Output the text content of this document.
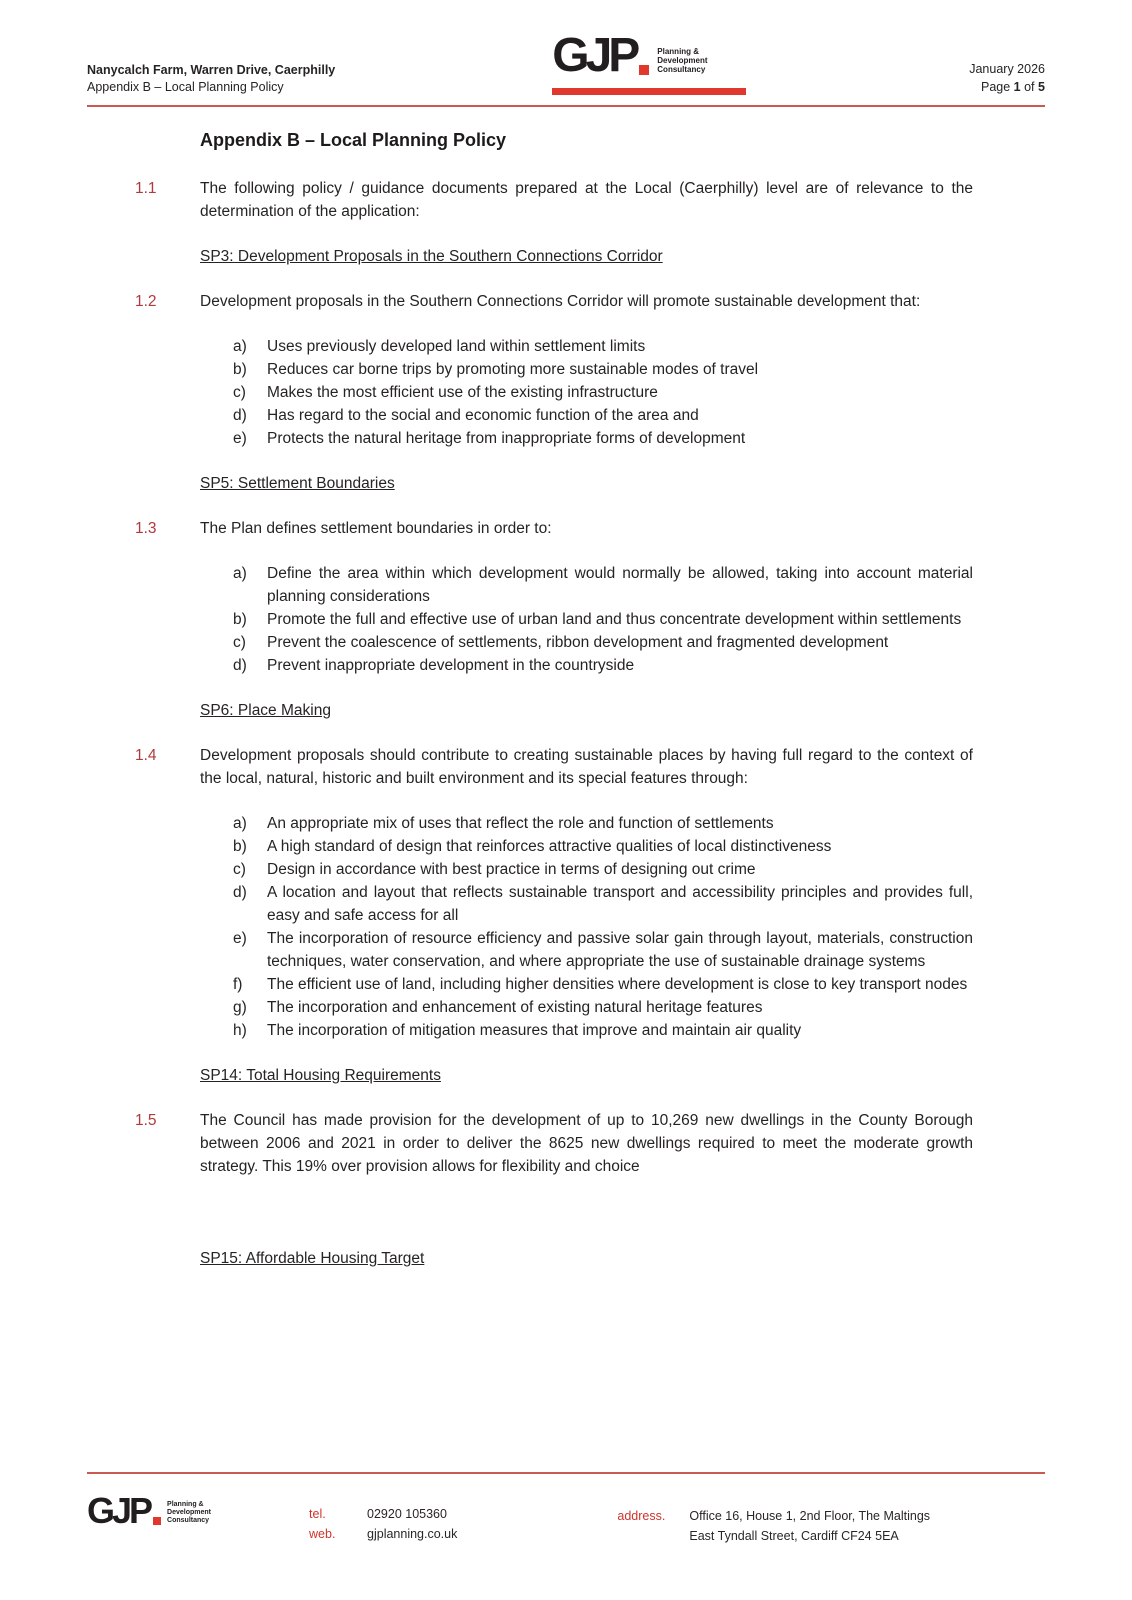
Nanycalch Farm, Warren Drive, Caerphilly
Appendix B – Local Planning Policy
GJP	Planning &
Development
Consultancy	January 2026
Page 1 of 5
Appendix B – Local Planning Policy
1.1	The following policy / guidance documents prepared at the Local (Caerphilly) level are of relevance to the determination of the application:
SP3: Development Proposals in the Southern Connections Corridor
1.2	Development proposals in the Southern Connections Corridor will promote sustainable development that:
a)	Uses previously developed land within settlement limits
b)	Reduces car borne trips by promoting more sustainable modes of travel
c)	Makes the most efficient use of the existing infrastructure
d)	Has regard to the social and economic function of the area and
e)	Protects the natural heritage from inappropriate forms of development
SP5: Settlement Boundaries
1.3	The Plan defines settlement boundaries in order to:
a)	Define the area within which development would normally be allowed, taking into account material planning considerations
b)	Promote the full and effective use of urban land and thus concentrate development within settlements
c)	Prevent the coalescence of settlements, ribbon development and fragmented development
d)	Prevent inappropriate development in the countryside
SP6: Place Making
1.4	Development proposals should contribute to creating sustainable places by having full regard to the context of the local, natural, historic and built environment and its special features through:
a)	An appropriate mix of uses that reflect the role and function of settlements
b)	A high standard of design that reinforces attractive qualities of local distinctiveness
c)	Design in accordance with best practice in terms of designing out crime
d)	A location and layout that reflects sustainable transport and accessibility principles and provides full, easy and safe access for all
e)	The incorporation of resource efficiency and passive solar gain through layout, materials, construction techniques, water conservation, and where appropriate the use of sustainable drainage systems
f)	The efficient use of land, including higher densities where development is close to key transport nodes
g)	The incorporation and enhancement of existing natural heritage features
h)	The incorporation of mitigation measures that improve and maintain air quality
SP14: Total Housing Requirements
1.5	The Council has made provision for the development of up to 10,269 new dwellings in the County Borough between 2006 and 2021 in order to deliver the 8625 new dwellings required to meet the moderate growth strategy. This 19% over provision allows for flexibility and choice
SP15: Affordable Housing Target
GJP Planning &
Development
Consultancy	tel.	02920 105360
web.	gjplanning.co.uk
address.	Office 16, House 1, 2nd Floor, The Maltings
East Tyndall Street, Cardiff CF24 5EA
